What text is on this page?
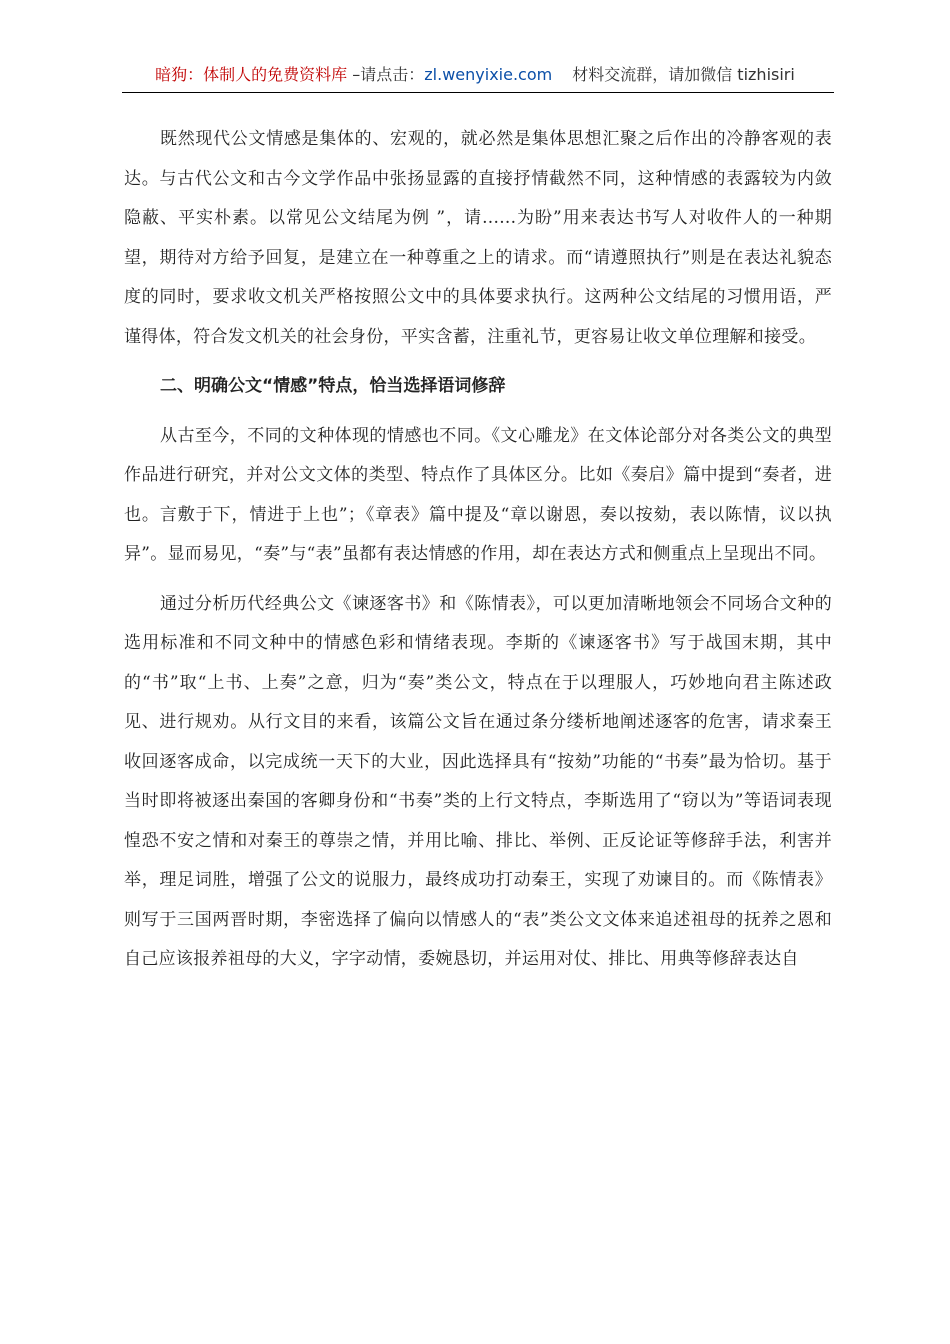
暗狗：体制人的免费资料库 –请点击：zl.wenyixie.com 材料交流群，请加微信 tizhisiri

既然现代公文情感是集体的、宏观的，就必然是集体思想汇聚之后作出的冷静客观的表达。与古代公文和古今文学作品中张扬显露的直接抒情截然不同，这种情感的表露较为内敛隐蔽、平实朴素。以常见公文结尾为例 ”，请......为盼”用来表达书写人对收件人的一种期望，期待对方给予回复，是建立在一种尊重之上的请求。而“请遵照执行”则是在表达礼貌态度的同时，要求收文机关严格按照公文中的具体要求执行。这两种公文结尾的习惯用语，严谨得体，符合发文机关的社会身份，平实含蓄，注重礼节，更容易让收文单位理解和接受。

二、明确公文“情感”特点，恰当选择语词修辞

从古至今，不同的文种体现的情感也不同。《文心雕龙》在文体论部分对各类公文的典型作品进行研究，并对公文文体的类型、特点作了具体区分。比如《奏启》篇中提到“奏者，进也。言敷于下，情进于上也”；《章表》篇中提及“章以谢恩，奏以按劾，表以陈情，议以执异”。显而易见，“奏”与“表”虽都有表达情感的作用，却在表达方式和侧重点上呈现出不同。

通过分析历代经典公文《谏逐客书》和《陈情表》，可以更加清晰地领会不同场合文种的选用标准和不同文种中的情感色彩和情绪表现。李斯的《谏逐客书》写于战国末期，其中的“书”取“上书、上奏”之意，归为“奏”类公文，特点在于以理服人，巧妙地向君主陈述政见、进行规劝。从行文目的来看，该篇公文旨在通过条分缕析地阐述逐客的危害，请求秦王收回逐客成命，以完成统一天下的大业，因此选择具有“按劾”功能的“书奏”最为恰切。基于当时即将被逐出秦国的客卿身份和“书奏”类的上行文特点，李斯选用了“窃以为”等语词表现惶恐不安之情和对秦王的尊崇之情，并用比喻、排比、举例、正反论证等修辞手法，利害并举，理足词胜，增强了公文的说服力，最终成功打动秦王，实现了劝谏目的。而《陈情表》则写于三国两晋时期，李密选择了偏向以情感人的“表”类公文文体来追述祖母的抚养之恩和自己应该报养祖母的大义，字字动情，委婉恳切，并运用对仗、排比、用典等修辞表达自
